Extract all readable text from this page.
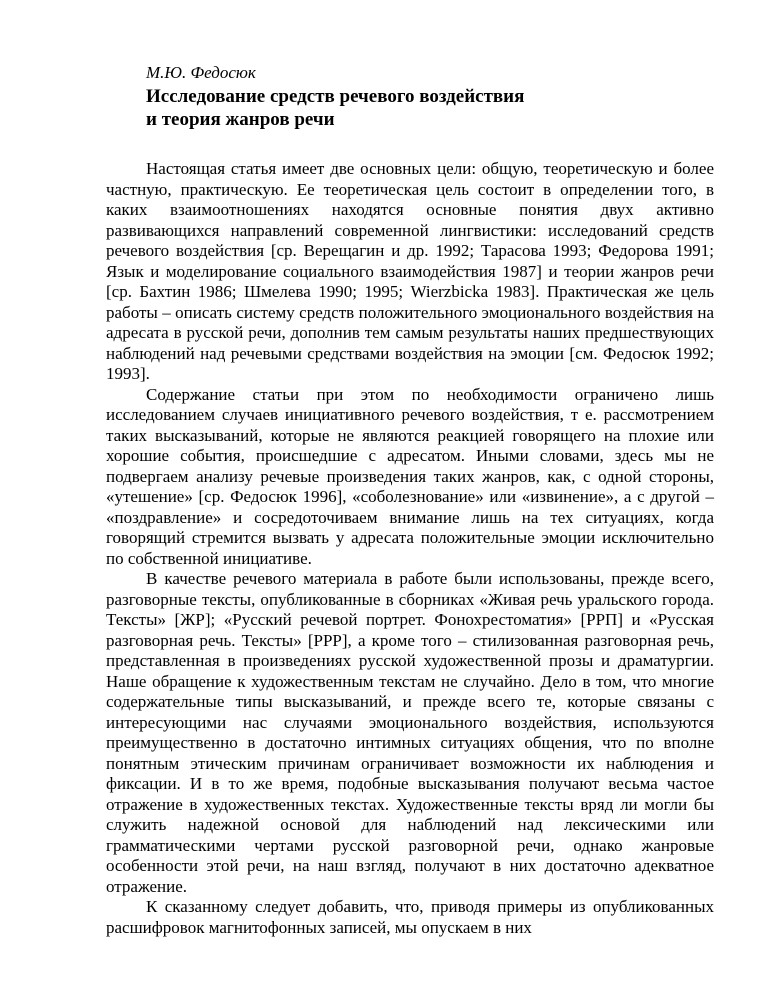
М.Ю. Федосюк

Исследование средств речевого воздействия
и теория жанров речи

Настоящая статья имеет две основных цели: общую, теоретическую и более частную, практическую. Ее теоретическая цель состоит в определении того, в каких взаимоотношениях находятся основные понятия двух активно развивающихся направлений современной лингвистики: исследований средств речевого воздействия [ср. Верещагин и др. 1992; Тарасова 1993; Федорова 1991; Язык и моделирование социального взаимодействия 1987] и теории жанров речи [ср. Бахтин 1986; Шмелева 1990; 1995; Wierzbicka 1983]. Практическая же цель работы – описать систему средств положительного эмоционального воздействия на адресата в русской речи, дополнив тем самым результаты наших предшествующих наблюдений над речевыми средствами воздействия на эмоции [см. Федосюк 1992; 1993].

Содержание статьи при этом по необходимости ограничено лишь исследованием случаев инициативного речевого воздействия, т е. рассмотрением таких высказываний, которые не являются реакцией говорящего на плохие или хорошие события, происшедшие с адресатом. Иными словами, здесь мы не подвергаем анализу речевые произведения таких жанров, как, с одной стороны, «утешение» [ср. Федосюк 1996], «соболезнование» или «извинение», а с другой – «поздравление» и сосредоточиваем внимание лишь на тех ситуациях, когда говорящий стремится вызвать у адресата положительные эмоции исключительно по собственной инициативе.

В качестве речевого материала в работе были использованы, прежде всего, разговорные тексты, опубликованные в сборниках «Живая речь уральского города. Тексты» [ЖР]; «Русский речевой портрет. Фонохрестоматия» [РРП] и «Русская разговорная речь. Тексты» [РРР], а кроме того – стилизованная разговорная речь, представленная в произведениях русской художественной прозы и драматургии. Наше обращение к художественным текстам не случайно. Дело в том, что многие содержательные типы высказываний, и прежде всего те, которые связаны с интересующими нас случаями эмоционального воздействия, используются преимущественно в достаточно интимных ситуациях общения, что по вполне понятным этическим причинам ограничивает возможности их наблюдения и фиксации. И в то же время, подобные высказывания получают весьма частое отражение в художественных текстах. Художественные тексты вряд ли могли бы служить надежной основой для наблюдений над лексическими или грамматическими чертами русской разговорной речи, однако жанровые особенности этой речи, на наш взгляд, получают в них достаточно адекватное отражение.

К сказанному следует добавить, что, приводя примеры из опубликованных расшифровок магнитофонных записей, мы опускаем в них
